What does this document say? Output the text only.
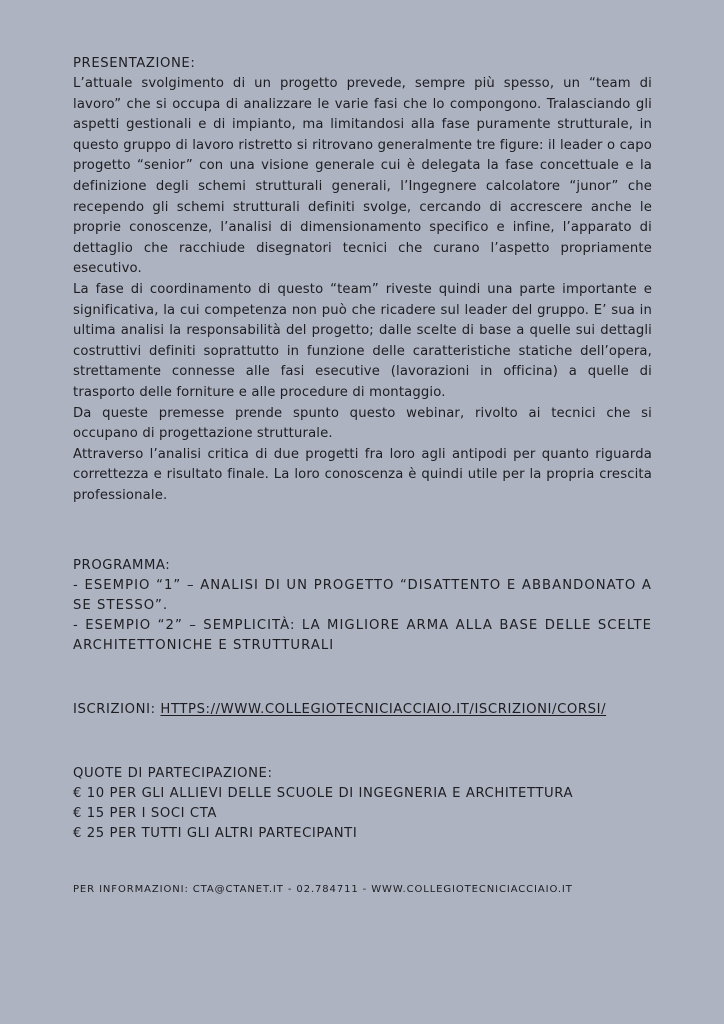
PRESENTAZIONE:

L’attuale svolgimento di un progetto prevede, sempre più spesso, un “team di lavoro” che si occupa di analizzare le varie fasi che lo compongono. Tralasciando gli aspetti gestionali e di impianto, ma limitandosi alla fase puramente strutturale, in questo gruppo di lavoro ristretto si ritrovano generalmente tre figure: il leader o capo progetto “senior” con una visione generale cui è delegata la fase concettuale e la definizione degli schemi strutturali generali, l’Ingegnere calcolatore “junor” che recependo gli schemi strutturali definiti svolge, cercando di accrescere anche le proprie conoscenze, l’analisi di dimensionamento specifico e infine, l’apparato di dettaglio che racchiude disegnatori tecnici che curano l’aspetto propriamente esecutivo.

La fase di coordinamento di questo “team” riveste quindi una parte importante e significativa, la cui competenza non può che ricadere sul leader del gruppo. E’ sua in ultima analisi la responsabilità del progetto; dalle scelte di base a quelle sui dettagli costruttivi definiti soprattutto in funzione delle caratteristiche statiche dell’opera, strettamente connesse alle fasi esecutive (lavorazioni in officina) a quelle di trasporto delle forniture e alle procedure di montaggio.

Da queste premesse prende spunto questo webinar, rivolto ai tecnici che si occupano di progettazione strutturale.

Attraverso l’analisi critica di due progetti fra loro agli antipodi per quanto riguarda correttezza e risultato finale. La loro conoscenza è quindi utile per la propria crescita professionale.

PROGRAMMA:

- ESEMPIO “1” – ANALISI DI UN PROGETTO “DISATTENTO E ABBANDONATO A SE STESSO”.

- ESEMPIO “2” – SEMPLICITÀ: LA MIGLIORE ARMA ALLA BASE DELLE SCELTE ARCHITETTONICHE E STRUTTURALI

ISCRIZIONI: HTTPS://WWW.COLLEGIOTECNICIACCIAIO.IT/ISCRIZIONI/CORSI/
QUOTE DI PARTECIPAZIONE:

€ 10 PER GLI ALLIEVI DELLE SCUOLE DI INGEGNERIA E ARCHITETTURA

€ 15 PER I SOCI CTA

€ 25 PER TUTTI GLI ALTRI PARTECIPANTI

PER INFORMAZIONI: CTA@CTANET.IT - 02.784711 - WWW.COLLEGIOTECNICIACCIAIO.IT
